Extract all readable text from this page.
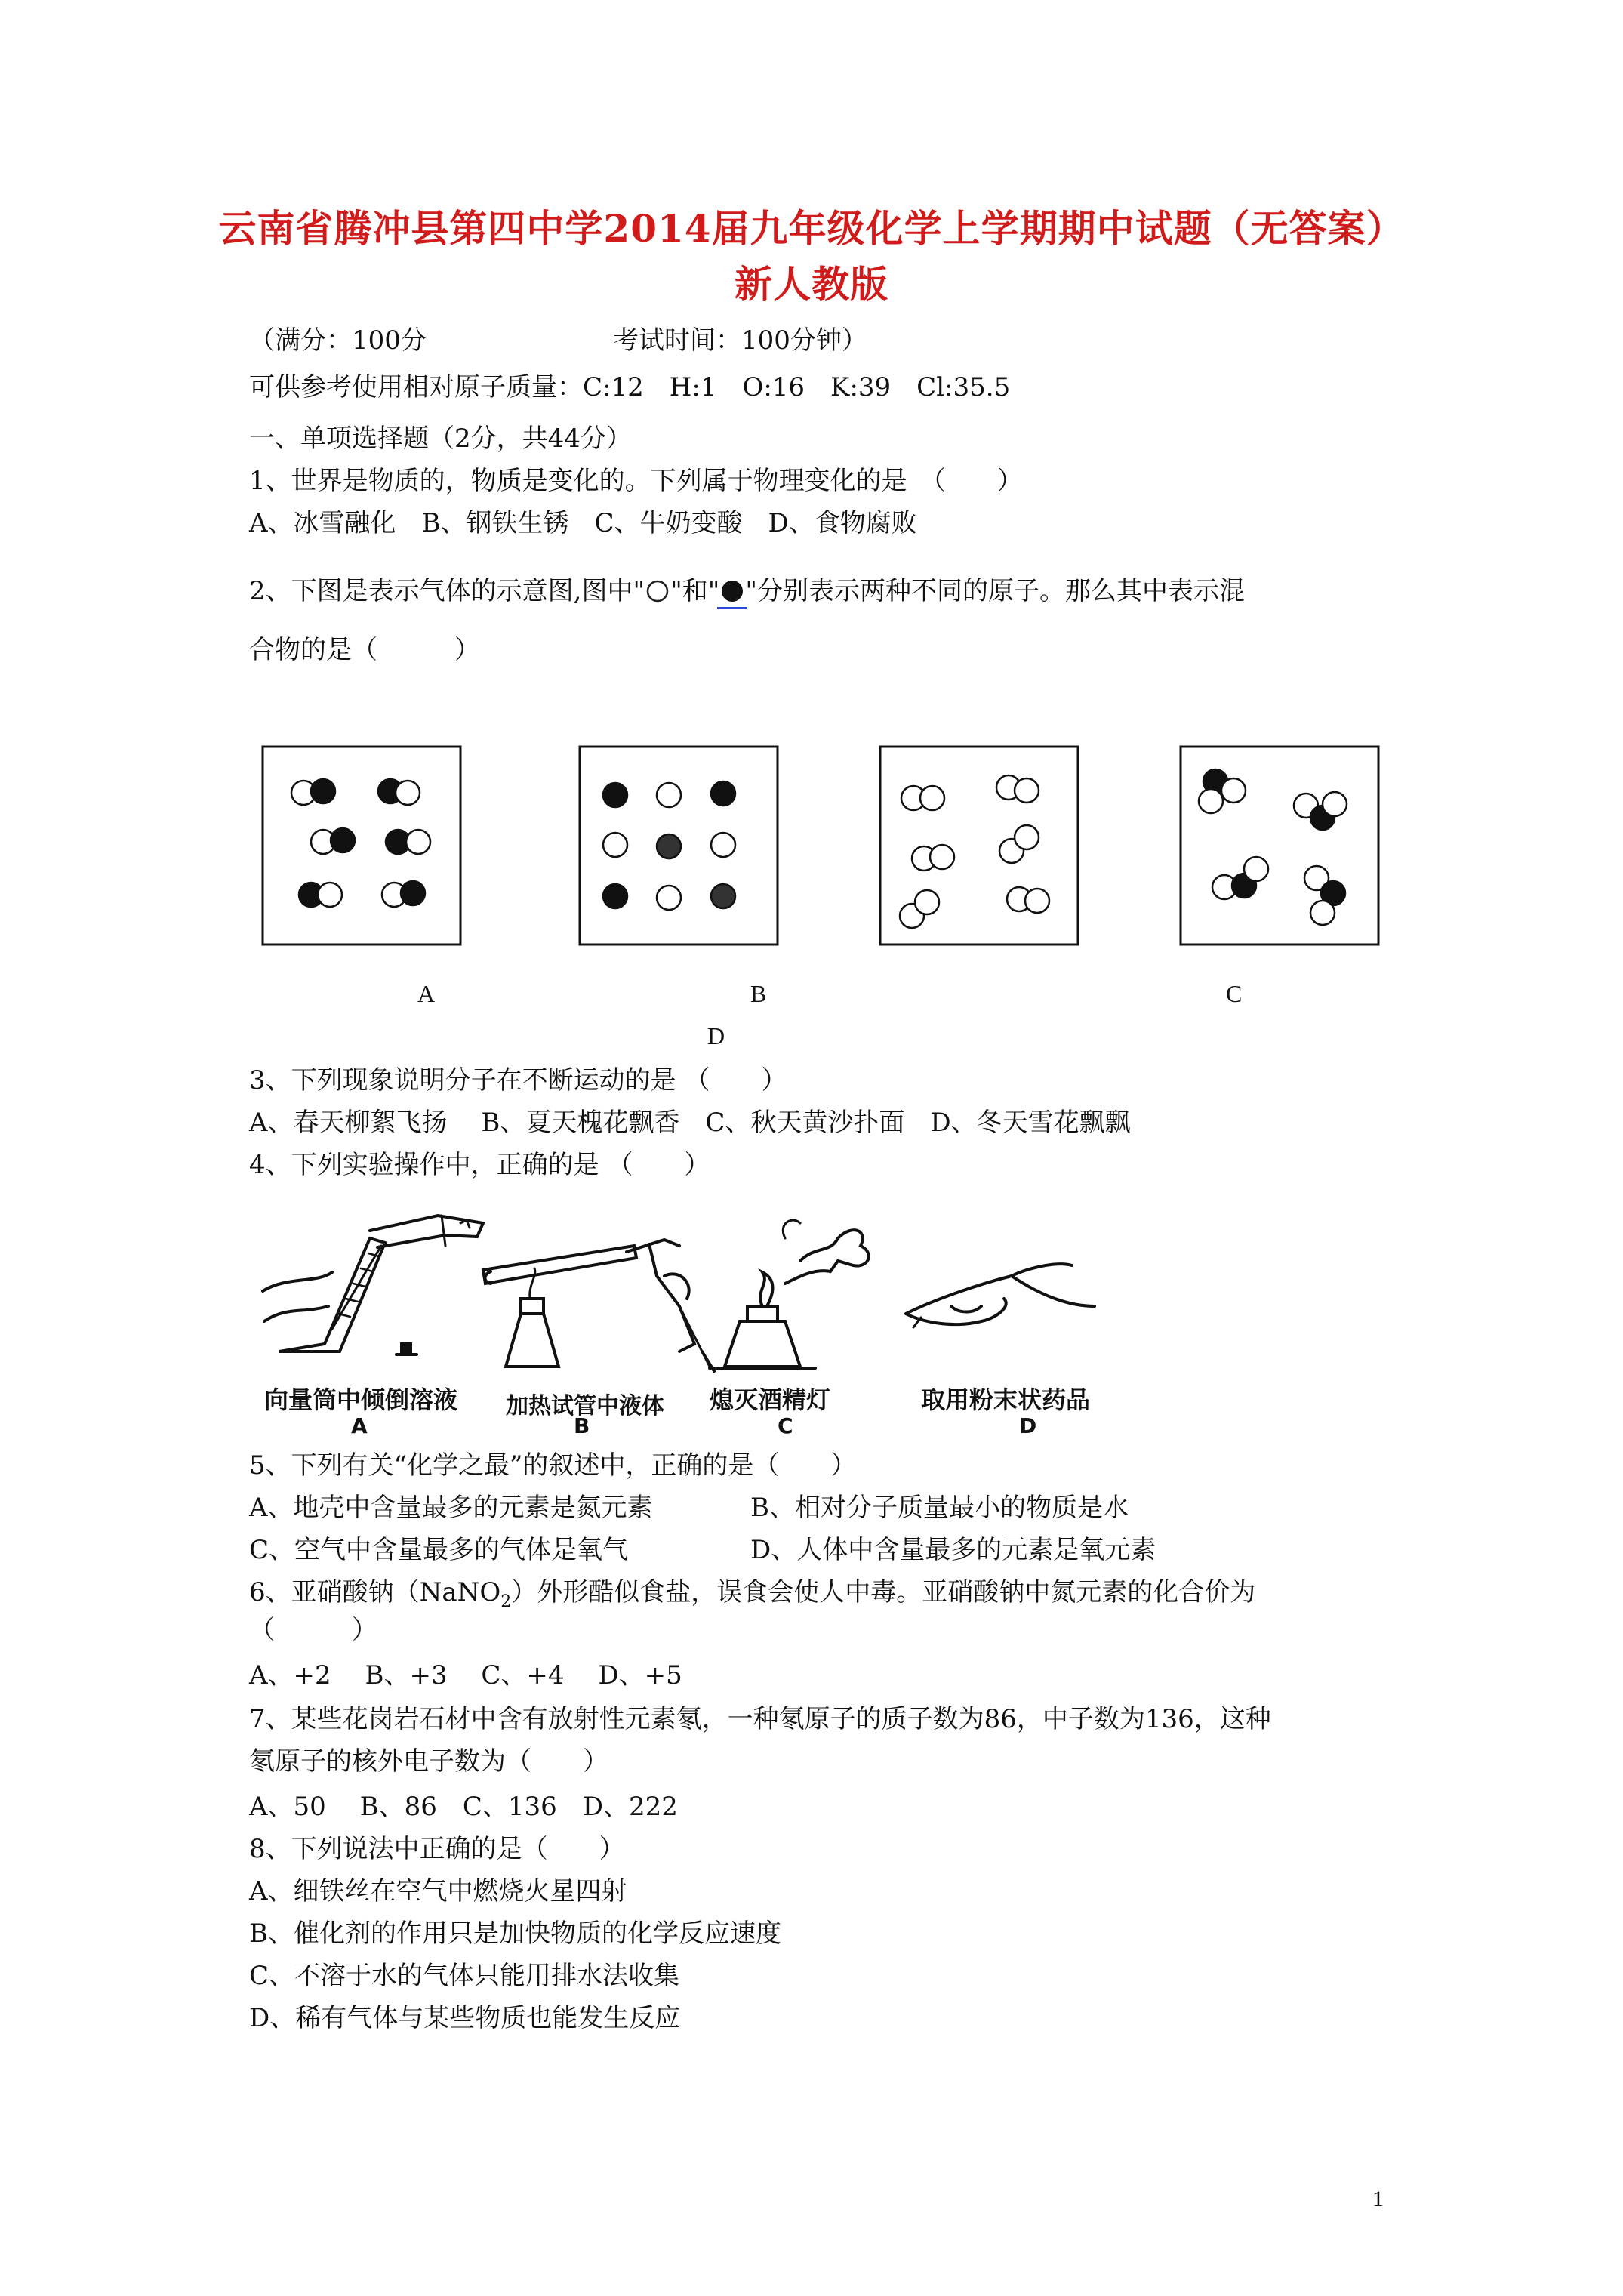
云南省腾冲县第四中学2014届九年级化学上学期期中试题（无答案）
新人教版
（满分：100分	考试时间：100分钟）
可供参考使用相对原子质量：C:12　H:1　O:16　K:39　Cl:35.5
一、单项选择题（2分，共44分）
1、世界是物质的，物质是变化的。下列属于物理变化的是　（　　）
A、冰雪融化　B、钢铁生锈　C、牛奶变酸　D、食物腐败
2、下图是表示气体的示意图,图中" "和" "分别表示两种不同的原子。那么其中表示混
合物的是（　　　）
A	B	C
D
3、下列现象说明分子在不断运动的是 （　　）
A、春天柳絮飞扬　 B、夏天槐花飘香　C、秋天黄沙扑面　D、冬天雪花飘飘
4、下列实验操作中，正确的是 （　　）
向量筒中倾倒溶液 加热试管中液体 熄灭酒精灯	取用粉末状药品
A	B	C	D
5、下列有关“化学之最”的叙述中，正确的是（　　）
A、地壳中含量最多的元素是氮元素	B、相对分子质量最小的物质是水
C、空气中含量最多的气体是氧气	D、人体中含量最多的元素是氧元素
6、亚硝酸钠（NaNO$_2$）外形酷似食盐，误食会使人中毒。亚硝酸钠中氮元素的化合价为
（　　　）
A、+2　 B、+3　 C、+4　 D、+5
7、某些花岗岩石材中含有放射性元素氡，一种氡原子的质子数为86，中子数为136，这种
氡原子的核外电子数为（　　）
A、50　 B、86　C、136　D、222
8、下列说法中正确的是（　　）
A、细铁丝在空气中燃烧火星四射
B、催化剂的作用只是加快物质的化学反应速度
C、不溶于水的气体只能用排水法收集
D、稀有气体与某些物质也能发生反应
1
